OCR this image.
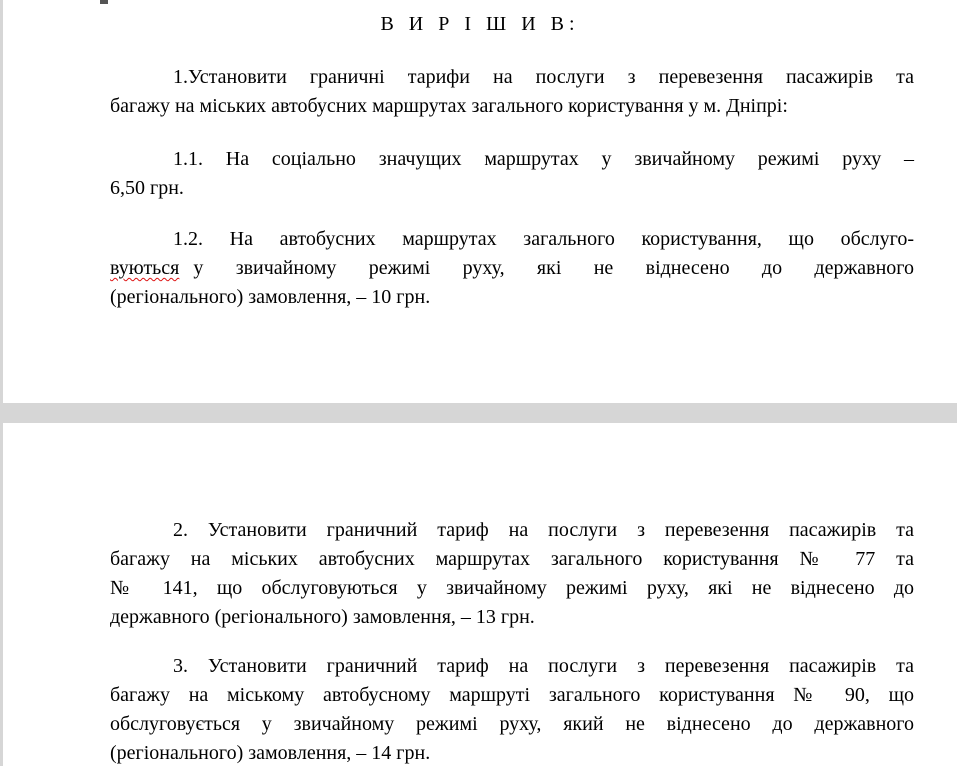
В И Р І Ш И В:
1.Установити граничні тарифи на послуги з перевезення пасажирів та
багажу на міських автобусних маршрутах загального користування у м. Дніпрі:
1.1. На соціально значущих маршрутах у звичайному режимі руху –
6,50 грн.
1.2. На автобусних маршрутах загального користування, що обслуго-
вуються у звичайному режимі руху, які не віднесено до державного
(регіонального) замовлення, – 10 грн.
2. Установити граничний тариф на послуги з перевезення пасажирів та
багажу на міських автобусних маршрутах загального користування № 77 та
№ 141, що обслуговуються у звичайному режимі руху, які не віднесено до
державного (регіонального) замовлення, – 13 грн.
3. Установити граничний тариф на послуги з перевезення пасажирів та
багажу на міському автобусному маршруті загального користування № 90, що
обслуговується у звичайному режимі руху, який не віднесено до державного
(регіонального) замовлення, – 14 грн.
